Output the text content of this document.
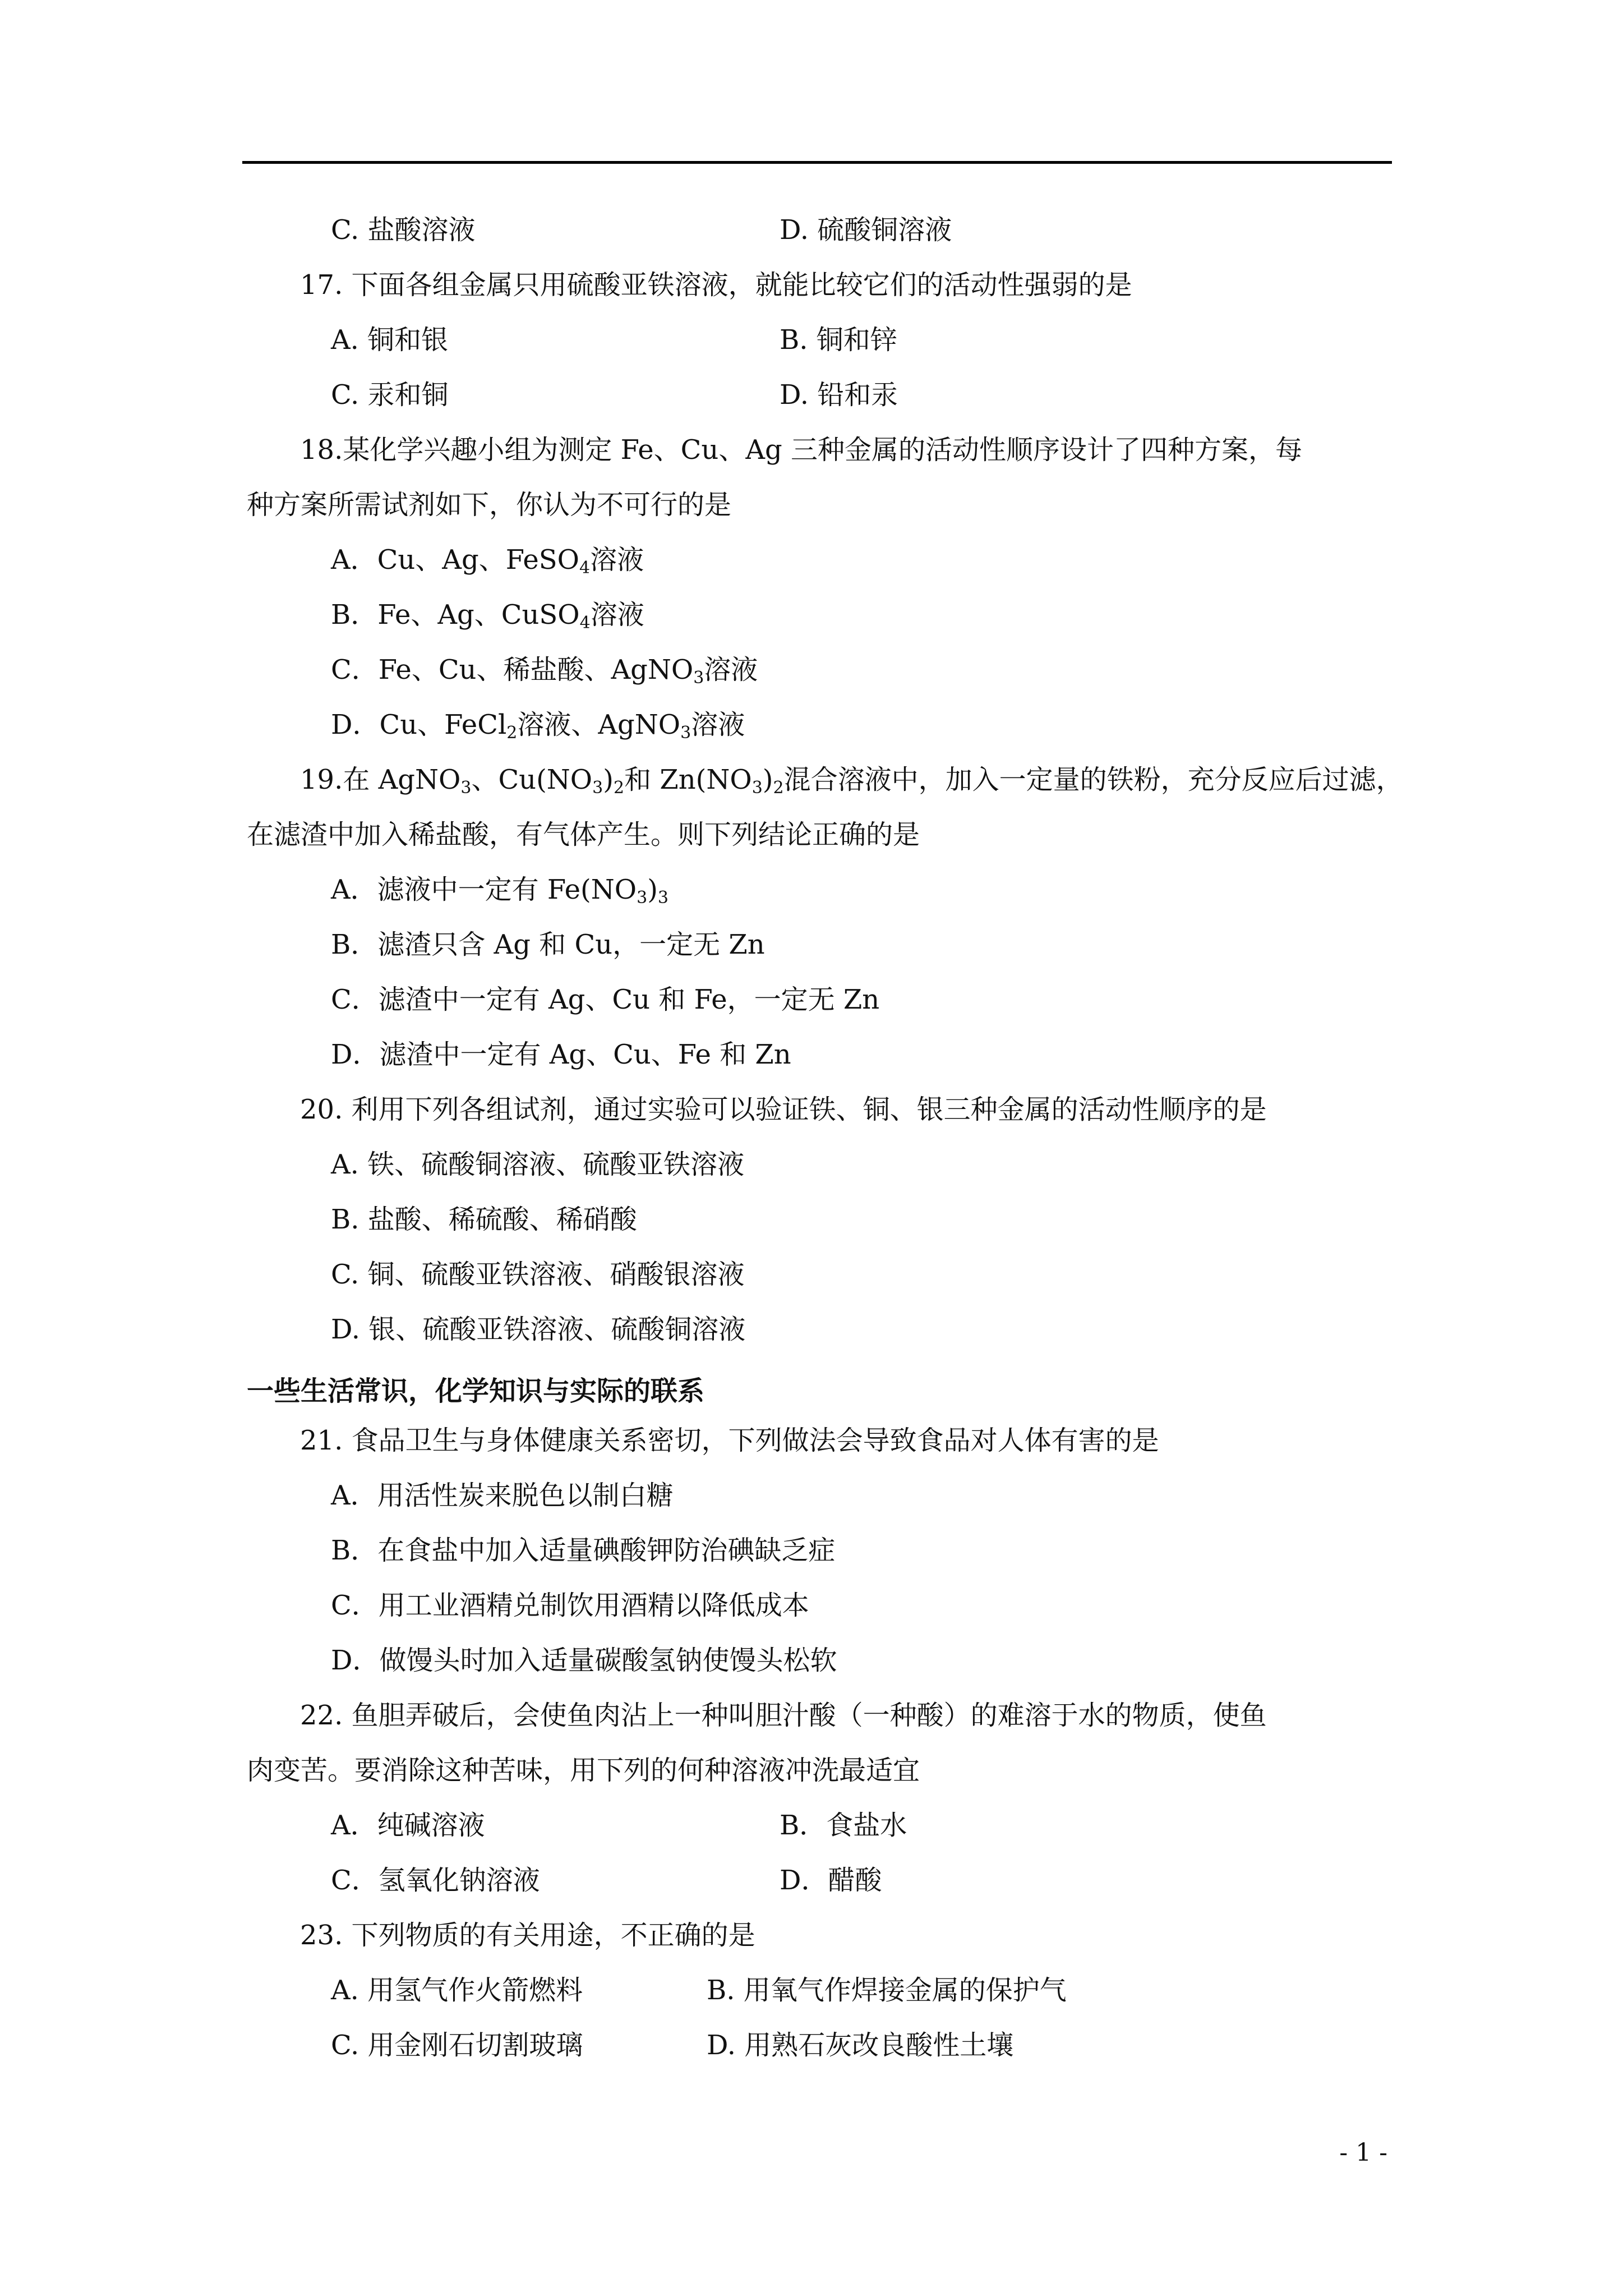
C. 盐酸溶液	D. 硫酸铜溶液
17. 下面各组金属只用硫酸亚铁溶液，就能比较它们的活动性强弱的是
A. 铜和银	B. 铜和锌
C. 汞和铜	D. 铅和汞
18.某化学兴趣小组为测定 Fe、Cu、Ag 三种金属的活动性顺序设计了四种方案，每
种方案所需试剂如下，你认为不可行的是
A．Cu、Ag、FeSO$_4$溶液
B．Fe、Ag、CuSO$_4$溶液
C．Fe、Cu、稀盐酸、AgNO$_3$溶液
D．Cu、FeCl$_2$溶液、AgNO$_3$溶液
19.在 AgNO$_3$、$Cu(NO_3)_2$和 $Zn(NO_3)_2$混合溶液中，加入一定量的铁粉，充分反应后过滤，
在滤渣中加入稀盐酸，有气体产生。则下列结论正确的是
A．滤液中一定有 $Fe(NO_3)_3$
B．滤渣只含 Ag 和 Cu，一定无 Zn
C．滤渣中一定有 Ag、Cu 和 Fe，一定无 Zn
D．滤渣中一定有 Ag、Cu、Fe 和 Zn
20. 利用下列各组试剂，通过实验可以验证铁、铜、银三种金属的活动性顺序的是
A. 铁、硫酸铜溶液、硫酸亚铁溶液
B. 盐酸、稀硫酸、稀硝酸
C. 铜、硫酸亚铁溶液、硝酸银溶液
D. 银、硫酸亚铁溶液、硫酸铜溶液
一些生活常识，化学知识与实际的联系
21. 食品卫生与身体健康关系密切，下列做法会导致食品对人体有害的是
A．用活性炭来脱色以制白糖
B．在食盐中加入适量碘酸钾防治碘缺乏症
C．用工业酒精兑制饮用酒精以降低成本
D．做馒头时加入适量碳酸氢钠使馒头松软
22. 鱼胆弄破后，会使鱼肉沾上一种叫胆汁酸（一种酸）的难溶于水的物质，使鱼
肉变苦。要消除这种苦味，用下列的何种溶液冲洗最适宜
A．纯碱溶液	B．食盐水
C．氢氧化钠溶液	D．醋酸
23. 下列物质的有关用途，不正确的是
A. 用氢气作火箭燃料	B. 用氧气作焊接金属的保护气
C. 用金刚石切割玻璃	D. 用熟石灰改良酸性土壤
- 1 -
